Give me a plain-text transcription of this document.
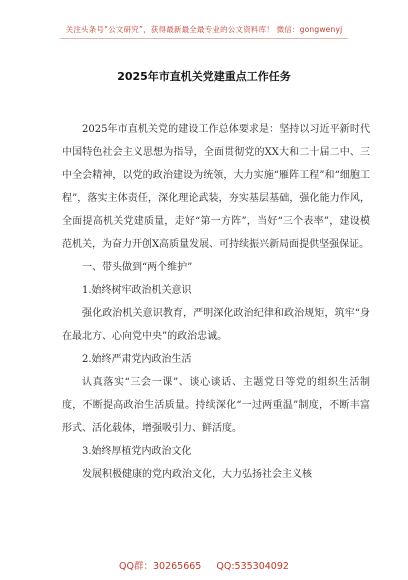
关注头条号“公文研究”，获得最新最全最专业的公文资料库！ 微信：gongwenyj
2025年市直机关党建重点工作任务

2025年市直机关党的建设工作总体要求是：坚持以习近平新时代中国特色社会主义思想为指导，全面贯彻党的XX大和二十届二中、三中全会精神，以党的政治建设为统领，大力实施“雁阵工程”和“细胞工程”，落实主体责任，深化理论武装，夯实基层基础，强化能力作风，全面提高机关党建质量，走好“第一方阵”，当好“三个表率”，建设模范机关，为奋力开创X高质量发展、可持续振兴新局面提供坚强保证。

一、带头做到“两个维护”

1.始终树牢政治机关意识

强化政治机关意识教育，严明深化政治纪律和政治规矩，筑牢“身在最北方、心向党中央”的政治忠诚。

2.始终严肃党内政治生活

认真落实“三会一课”、谈心谈话、主题党日等党的组织生活制度，不断提高政治生活质量。持续深化“一过两重温”制度，不断丰富形式、活化载体，增强吸引力、鲜活度。

3.始终厚植党内政治文化

发展积极健康的党内政治文化，大力弘扬社会主义核

QQ群：30265665 QQ:535304092
